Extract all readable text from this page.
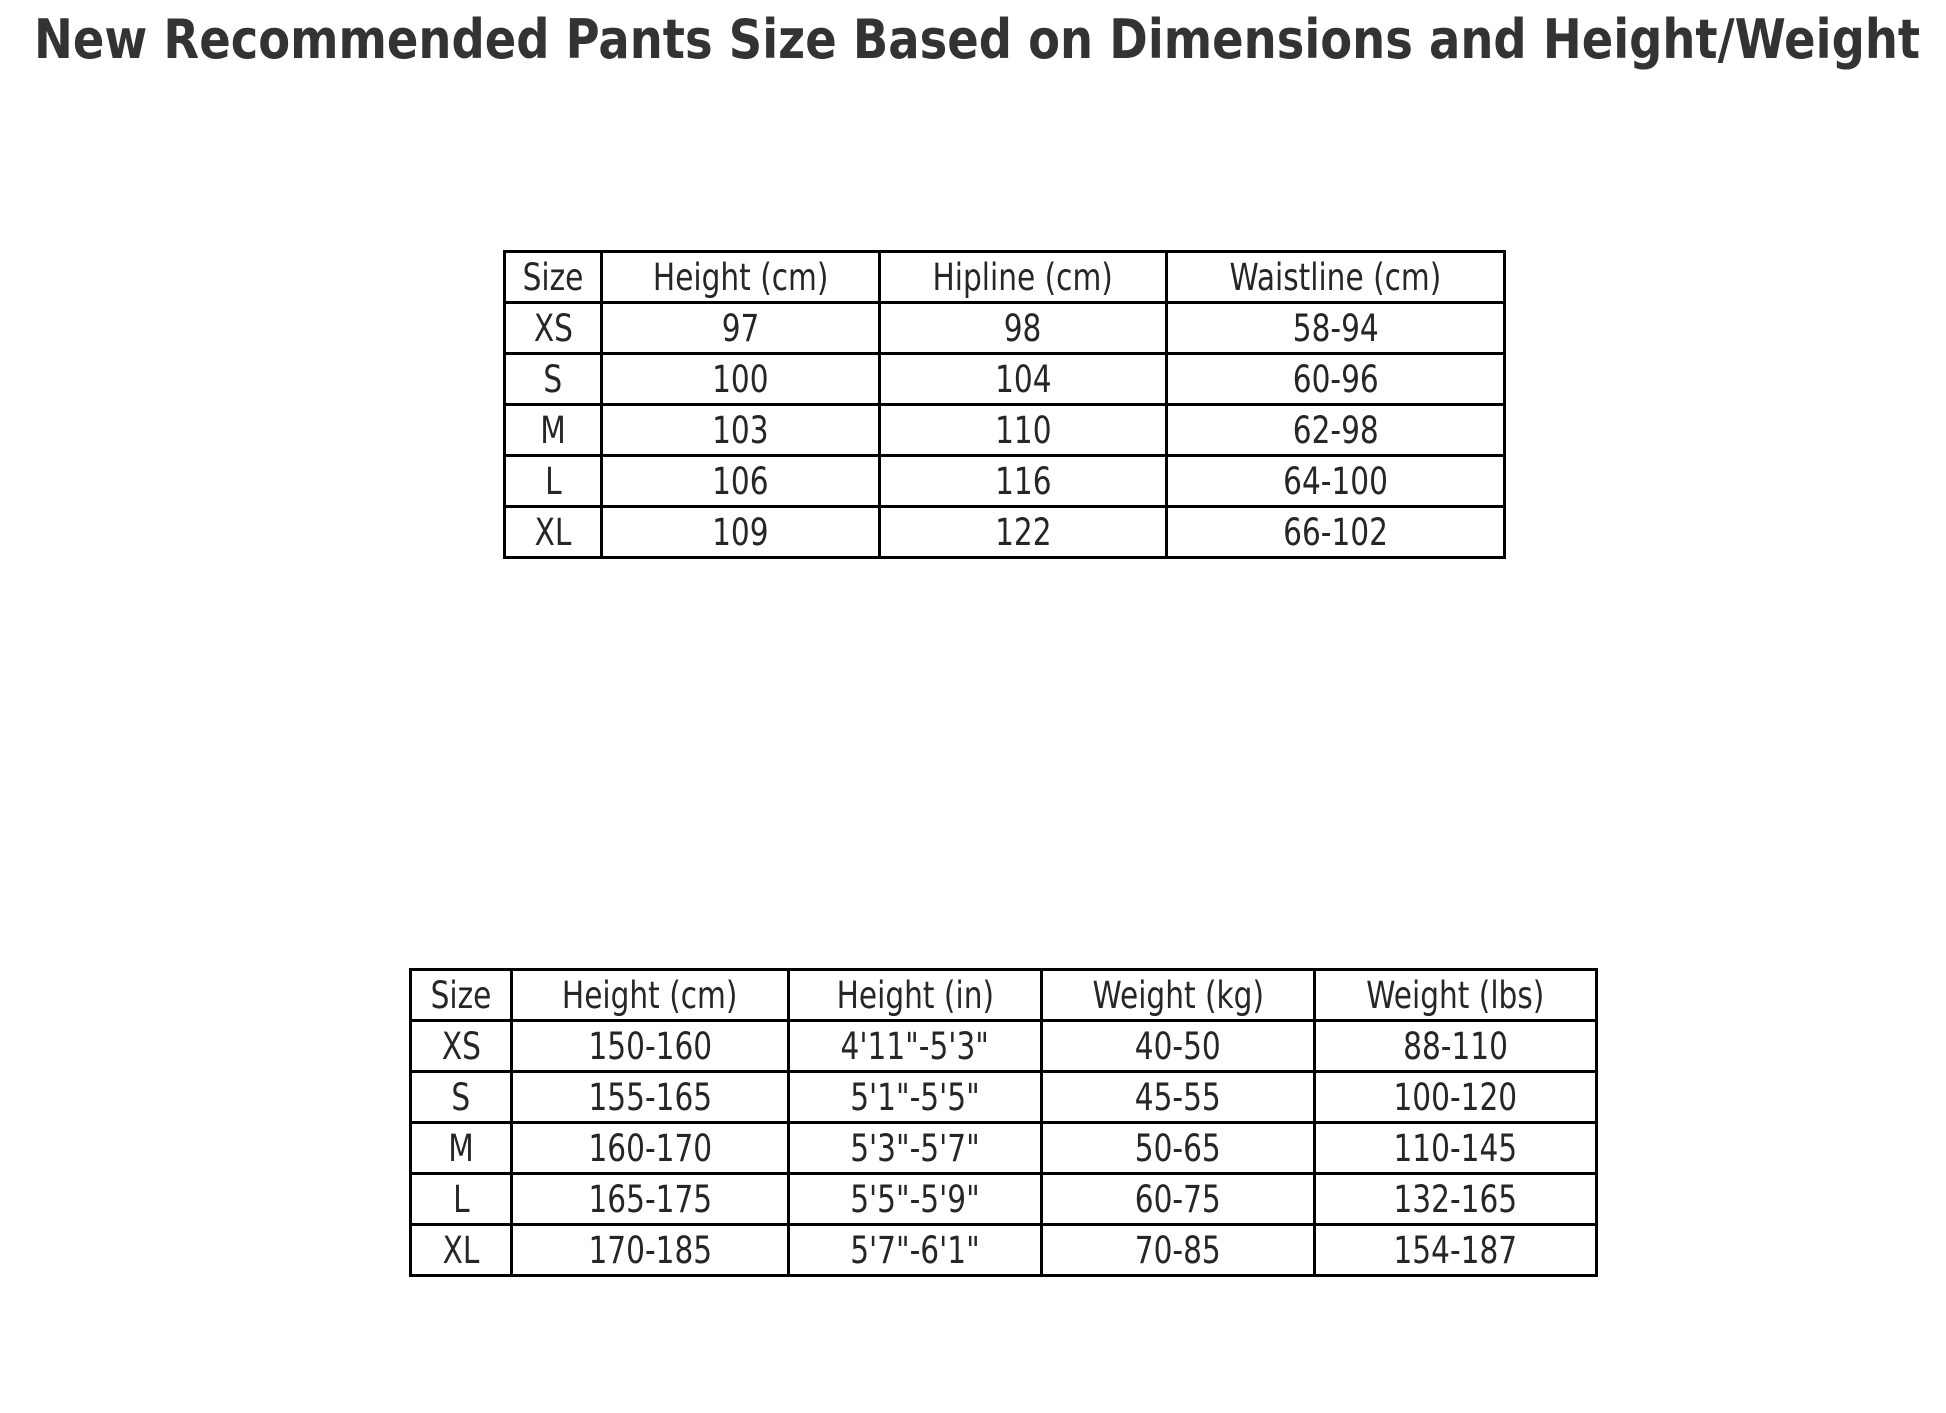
New Recommended Pants Size Based on Dimensions and Height/Weight
Size	Height (cm)	Hipline (cm)	Waistline (cm)
XS	97	98	58-94
S	100	104	60-96
M	103	110	62-98
L	106	116	64-100
XL	109	122	66-102
Size	Height (cm)	Height (in)	Weight (kg)	Weight (lbs)
XS	150-160	4'11"-5'3"	40-50	88-110
S	155-165	5'1"-5'5"	45-55	100-120
M	160-170	5'3"-5'7"	50-65	110-145
L	165-175	5'5"-5'9"	60-75	132-165
XL	170-185	5'7"-6'1"	70-85	154-187
